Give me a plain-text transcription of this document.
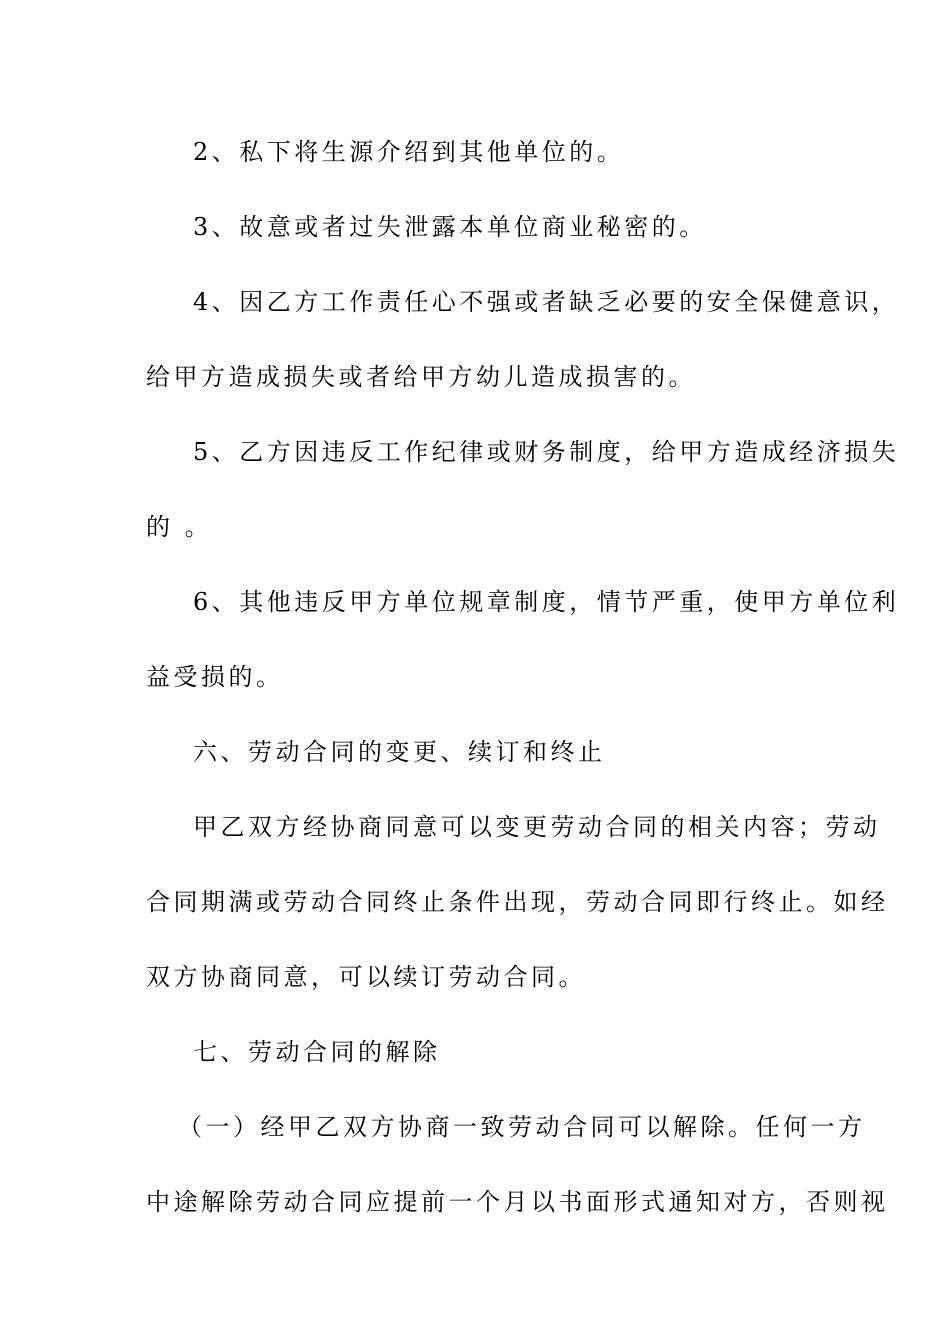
2、私下将生源介绍到其他单位的。
3、故意或者过失泄露本单位商业秘密的。
4、因乙方工作责任心不强或者缺乏必要的安全保健意识，
给甲方造成损失或者给甲方幼儿造成损害的。
5、乙方因违反工作纪律或财务制度，给甲方造成经济损失
的 。
6、其他违反甲方单位规章制度，情节严重，使甲方单位利
益受损的。
六、劳动合同的变更、续订和终止
甲乙双方经协商同意可以变更劳动合同的相关内容；劳动
合同期满或劳动合同终止条件出现，劳动合同即行终止。如经
双方协商同意，可以续订劳动合同。
七、劳动合同的解除
（一）经甲乙双方协商一致劳动合同可以解除。任何一方
中途解除劳动合同应提前一个月以书面形式通知对方，否则视
